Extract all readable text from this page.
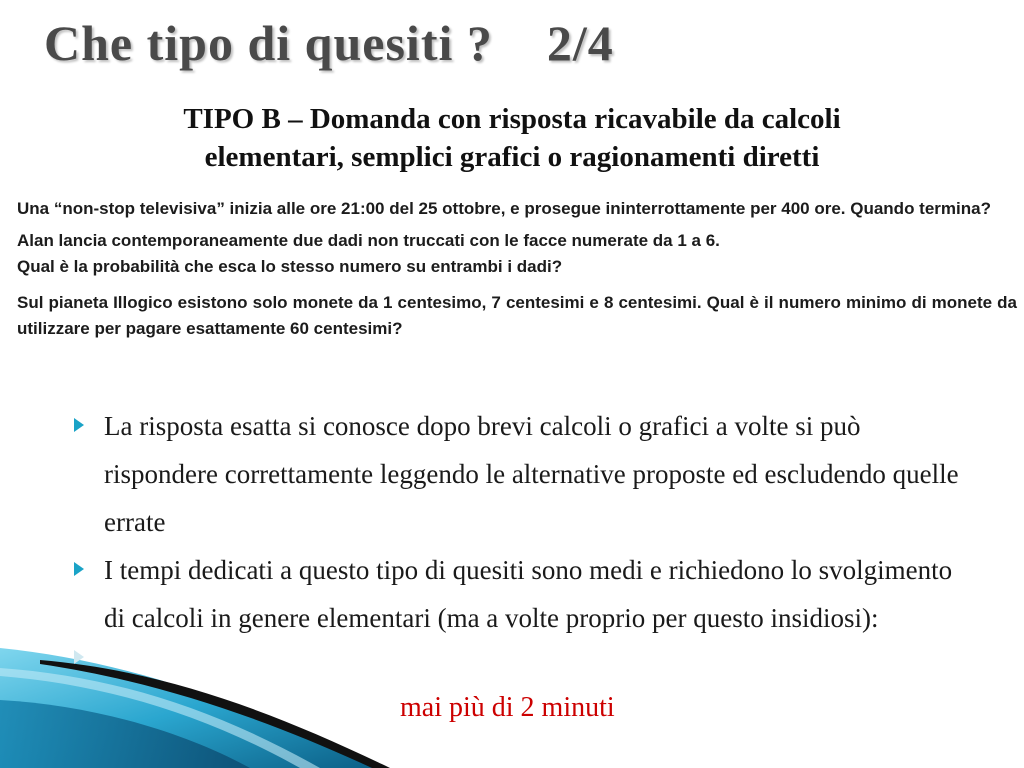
Che tipo di quesiti ?    2/4
TIPO B – Domanda con risposta ricavabile da calcoli
elementari, semplici grafici o ragionamenti diretti

Una “non-stop televisiva” inizia alle ore 21:00 del 25 ottobre, e prosegue ininterrottamente per 400 ore. Quando termina?

Alan lancia contemporaneamente due dadi non truccati con le facce numerate da 1 a 6.

Qual è la probabilità che esca lo stesso numero su entrambi i dadi?

Sul pianeta Illogico esistono solo monete da 1 centesimo, 7 centesimi e 8 centesimi. Qual è il numero minimo di monete da utilizzare per pagare esattamente 60 centesimi?

La risposta esatta si conosce dopo brevi calcoli o grafici a volte si può rispondere correttamente leggendo le alternative proposte ed escludendo quelle errate
I tempi dedicati a questo tipo di quesiti sono medi e richiedono lo svolgimento di calcoli in genere elementari (ma a volte proprio per questo insidiosi):
mai più di 2 minuti
